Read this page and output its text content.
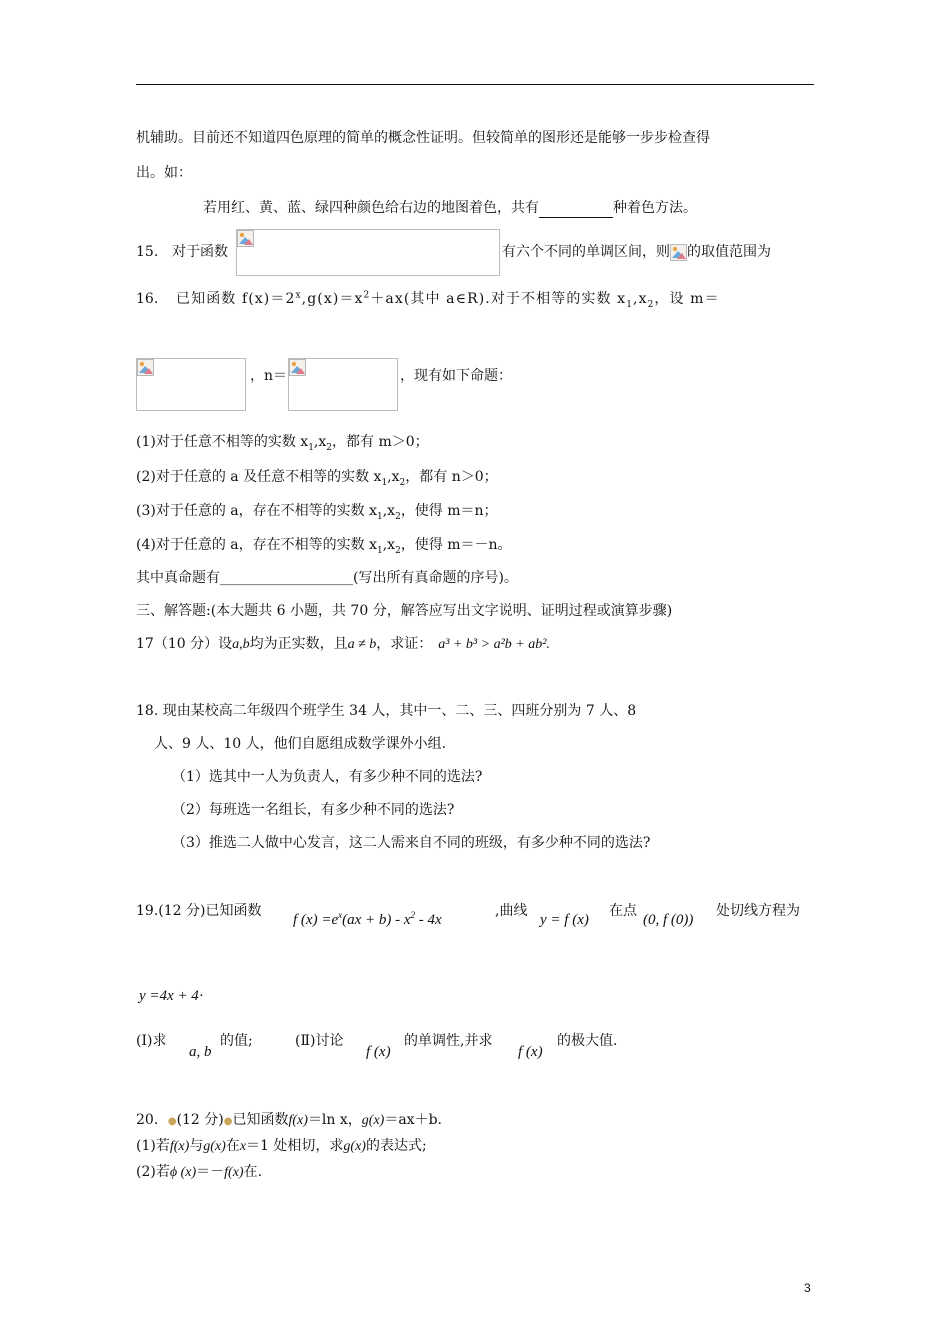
机辅助。目前还不知道四色原理的简单的概念性证明。但较简单的图形还是能够一步步检查得
出。如：
若用红、黄、蓝、绿四种颜色给右边的地图着色，共有	种着色方法。
15. 对于函数	有六个不同的单调区间，则 的取值范围为
16. 已知函数 $f(x)=2^x,g(x)=x^2+ax$(其中 a∈R).对于不相等的实数 $x_1,x_2$，设 m＝
， n＝	，现有如下命题：
(1)对于任意不相等的实数 $x_1,x_2$，都有 m＞0；
(2)对于任意的 a 及任意不相等的实数 $x_1,x_2$，都有 n＞0；
(3)对于任意的 a，存在不相等的实数 $x_1,x_2$，使得 m＝n；
(4)对于任意的 a，存在不相等的实数 $x_1,x_2$，使得 m＝－n。
其中真命题有___________________(写出所有真命题的序号)。
三、解答题:(本大题共 6 小题，共 70 分，解答应写出文字说明、证明过程或演算步骤)
17（10 分）设a,b均为正实数，且a ≠ b，求证： a³ + b³ > a²b + ab².
18. 现由某校高二年级四个班学生 34 人，其中一、二、三、四班分别为 7 人、8
人、9 人、10 人，他们自愿组成数学课外小组.
（1）选其中一人为负责人，有多少种不同的选法?
（2）每班选一名组长，有多少种不同的选法?
（3）推选二人做中心发言，这二人需来自不同的班级，有多少种不同的选法?
19.(12 分)已知函数
f $(x) =e^x(ax + b) - x^2 - 4x$
,曲线
y = f (x)
在点
(0, f (0))
处切线方程为
y =4x + 4·
(Ⅰ)求
a, b
的值;	(Ⅱ)讨论
f (x)
的单调性,并求
f (x)
的极大值.
20．●(12 分)●已知函数f(x)＝ln x，g(x)＝ax＋b.
(1)若f(x)与g(x)在x＝1 处相切，求g(x)的表达式;
(2)若ϕ (x)＝－f(x)在.
3
